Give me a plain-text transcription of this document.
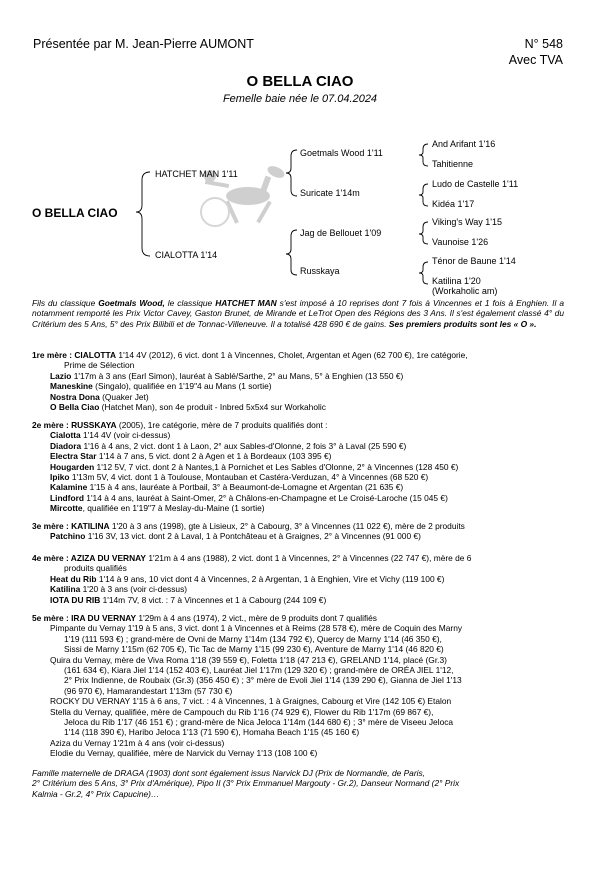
Présentée par M. Jean-Pierre AUMONT	N° 548
Avec TVA
O BELLA CIAO
Femelle baie née le 07.04.2024
O BELLA CIAO
HATCHET MAN 1'11
CIALOTTA 1'14
Goetmals Wood 1'11
Suricate 1'14m
Jag de Bellouet 1'09
Russkaya
And Arifant 1'16
Tahitienne
Ludo de Castelle 1'11
Kidéa 1'17
Viking's Way 1'15
Vaunoise 1'26
Ténor de Baune 1'14
Katilina 1'20
(Workaholic am)
Fils du classique Goetmals Wood, le classique HATCHET MAN s'est imposé à 10 reprises dont 7 fois à Vincennes et 1 fois à Enghien. Il a notamment remporté les Prix Victor Cavey, Gaston Brunet, de Mirande et LeTrot Open des Régions des 3 Ans. Il s'est également classé 4° du Critérium des 5 Ans, 5° des Prix Bilibili et de Tonnac-Villeneuve. Il a totalisé 428 690 € de gains. Ses premiers produits sont les « O ».

1re mère : CIALOTTA 1'14 4V (2012), 6 vict. dont 1 à Vincennes, Cholet, Argentan et Agen (62 700 €), 1re catégorie,

Prime de Sélection

Lazio 1'17m à 3 ans (Earl Simon), lauréat à Sablé/Sarthe, 2° au Mans, 5° à Enghien (13 550 €)

Maneskine (Singalo), qualifiée en 1'19"4 au Mans (1 sortie)

Nostra Dona (Quaker Jet)

O Bella Ciao (Hatchet Man), son 4e produit - Inbred 5x5x4 sur Workaholic

2e mère : RUSSKAYA (2005), 1re catégorie, mère de 7 produits qualifiés dont :

Cialotta 1'14 4V (voir ci-dessus)

Diadora 1'16 à 4 ans, 2 vict. dont 1 à Laon, 2° aux Sables-d'Olonne, 2 fois 3° à Laval (25 590 €)

Electra Star 1'14 à 7 ans, 5 vict. dont 2 à Agen et 1 à Bordeaux (103 395 €)

Hougarden 1'12 5V, 7 vict. dont 2 à Nantes,1 à Pornichet et Les Sables d'Olonne, 2° à Vincennes (128 450 €)

Ipiko 1'13m 5V, 4 vict. dont 1 à Toulouse, Montauban et Castéra-Verduzan, 4° à Vincennes (68 520 €)

Kalamine 1'15 à 4 ans, lauréate à Portbail, 3° à Beaumont-de-Lomagne et Argentan (21 635 €)

Lindford 1'14 à 4 ans, lauréat à Saint-Omer, 2° à Châlons-en-Champagne et Le Croisé-Laroche (15 045 €)

Mircotte, qualifiée en 1'19"7 à Meslay-du-Maine (1 sortie)

3e mère : KATILINA 1'20 à 3 ans (1998), gte à Lisieux, 2° à Cabourg, 3° à Vincennes (11 022 €), mère de 2 produits

Patchino 1'16 3V, 13 vict. dont 2 à Laval, 1 à Pontchâteau et à Graignes, 2° à Vincennes (91 000 €)

4e mère : AZIZA DU VERNAY 1'21m à 4 ans (1988), 2 vict. dont 1 à Vincennes, 2° à Vincennes (22 747 €), mère de 6

produits qualifiés

Heat du Rib 1'14 à 9 ans, 10 vict dont 4 à Vincennes, 2 à Argentan, 1 à Enghien, Vire et Vichy (119 100 €)

Katilina 1'20 à 3 ans (voir ci-dessus)

IOTA DU RIB 1'14m 7V, 8 vict. : 7 à Vincennes et 1 à Cabourg (244 109 €)

5e mère : IRA DU VERNAY 1'29m à 4 ans (1974), 2 vict., mère de 9 produits dont 7 qualifiés

Pimpante du Vernay 1'19 à 5 ans, 3 vict. dont 1 à Vincennes et à Reims (28 578 €), mère de Coquin des Marny

1'19 (111 593 €) ; grand-mère de Ovni de Marny 1'14m (134 792 €), Quercy de Marny 1'14 (46 350 €),

Sissi de Marny 1'15m (62 705 €), Tic Tac de Marny 1'15 (99 230 €), Aventure de Marny 1'14 (46 820 €)

Quira du Vernay, mère de Viva Roma 1'18 (39 559 €), Foletta 1'18 (47 213 €), GRELAND 1'14, placé (Gr.3)

(161 634 €), Kiara Jiel 1'14 (152 403 €), Lauréat Jiel 1'17m (129 320 €) ; grand-mère de ORÉA JIEL 1'12,

2° Prix Indienne, de Roubaix (Gr.3) (356 450 €) ; 3° mère de Evoli Jiel 1'14 (139 290 €), Gianna de Jiel 1'13

(96 970 €), Hamarandestart 1'13m (57 730 €)

ROCKY DU VERNAY 1'15 à 6 ans, 7 vict. : 4 à Vincennes, 1 à Graignes, Cabourg et Vire (142 105 €) Etalon

Stella du Vernay, qualifiée, mère de Campouch du Rib 1'16 (74 929 €), Flower du Rib 1'17m (69 867 €),

Jeloca du Rib 1'17 (46 151 €) ; grand-mère de Nica Jeloca 1'14m (144 680 €) ; 3° mère de Viseeu Jeloca

1'14 (118 390 €), Haribo Jeloca 1'13 (71 590 €), Homaha Beach 1'15 (45 160 €)

Aziza du Vernay 1'21m à 4 ans (voir ci-dessus)

Elodie du Vernay, qualifiée, mère de Narvick du Vernay 1'13 (108 100 €)

Famille maternelle de DRAGA (1903) dont sont également issus Narvick DJ (Prix de Normandie, de Paris,

2° Critérium des 5 Ans, 3° Prix d'Amérique), Pipo II (3° Prix Emmanuel Margouty - Gr.2), Danseur Normand (2° Prix

Kalmia - Gr.2, 4° Prix Capucine)…
